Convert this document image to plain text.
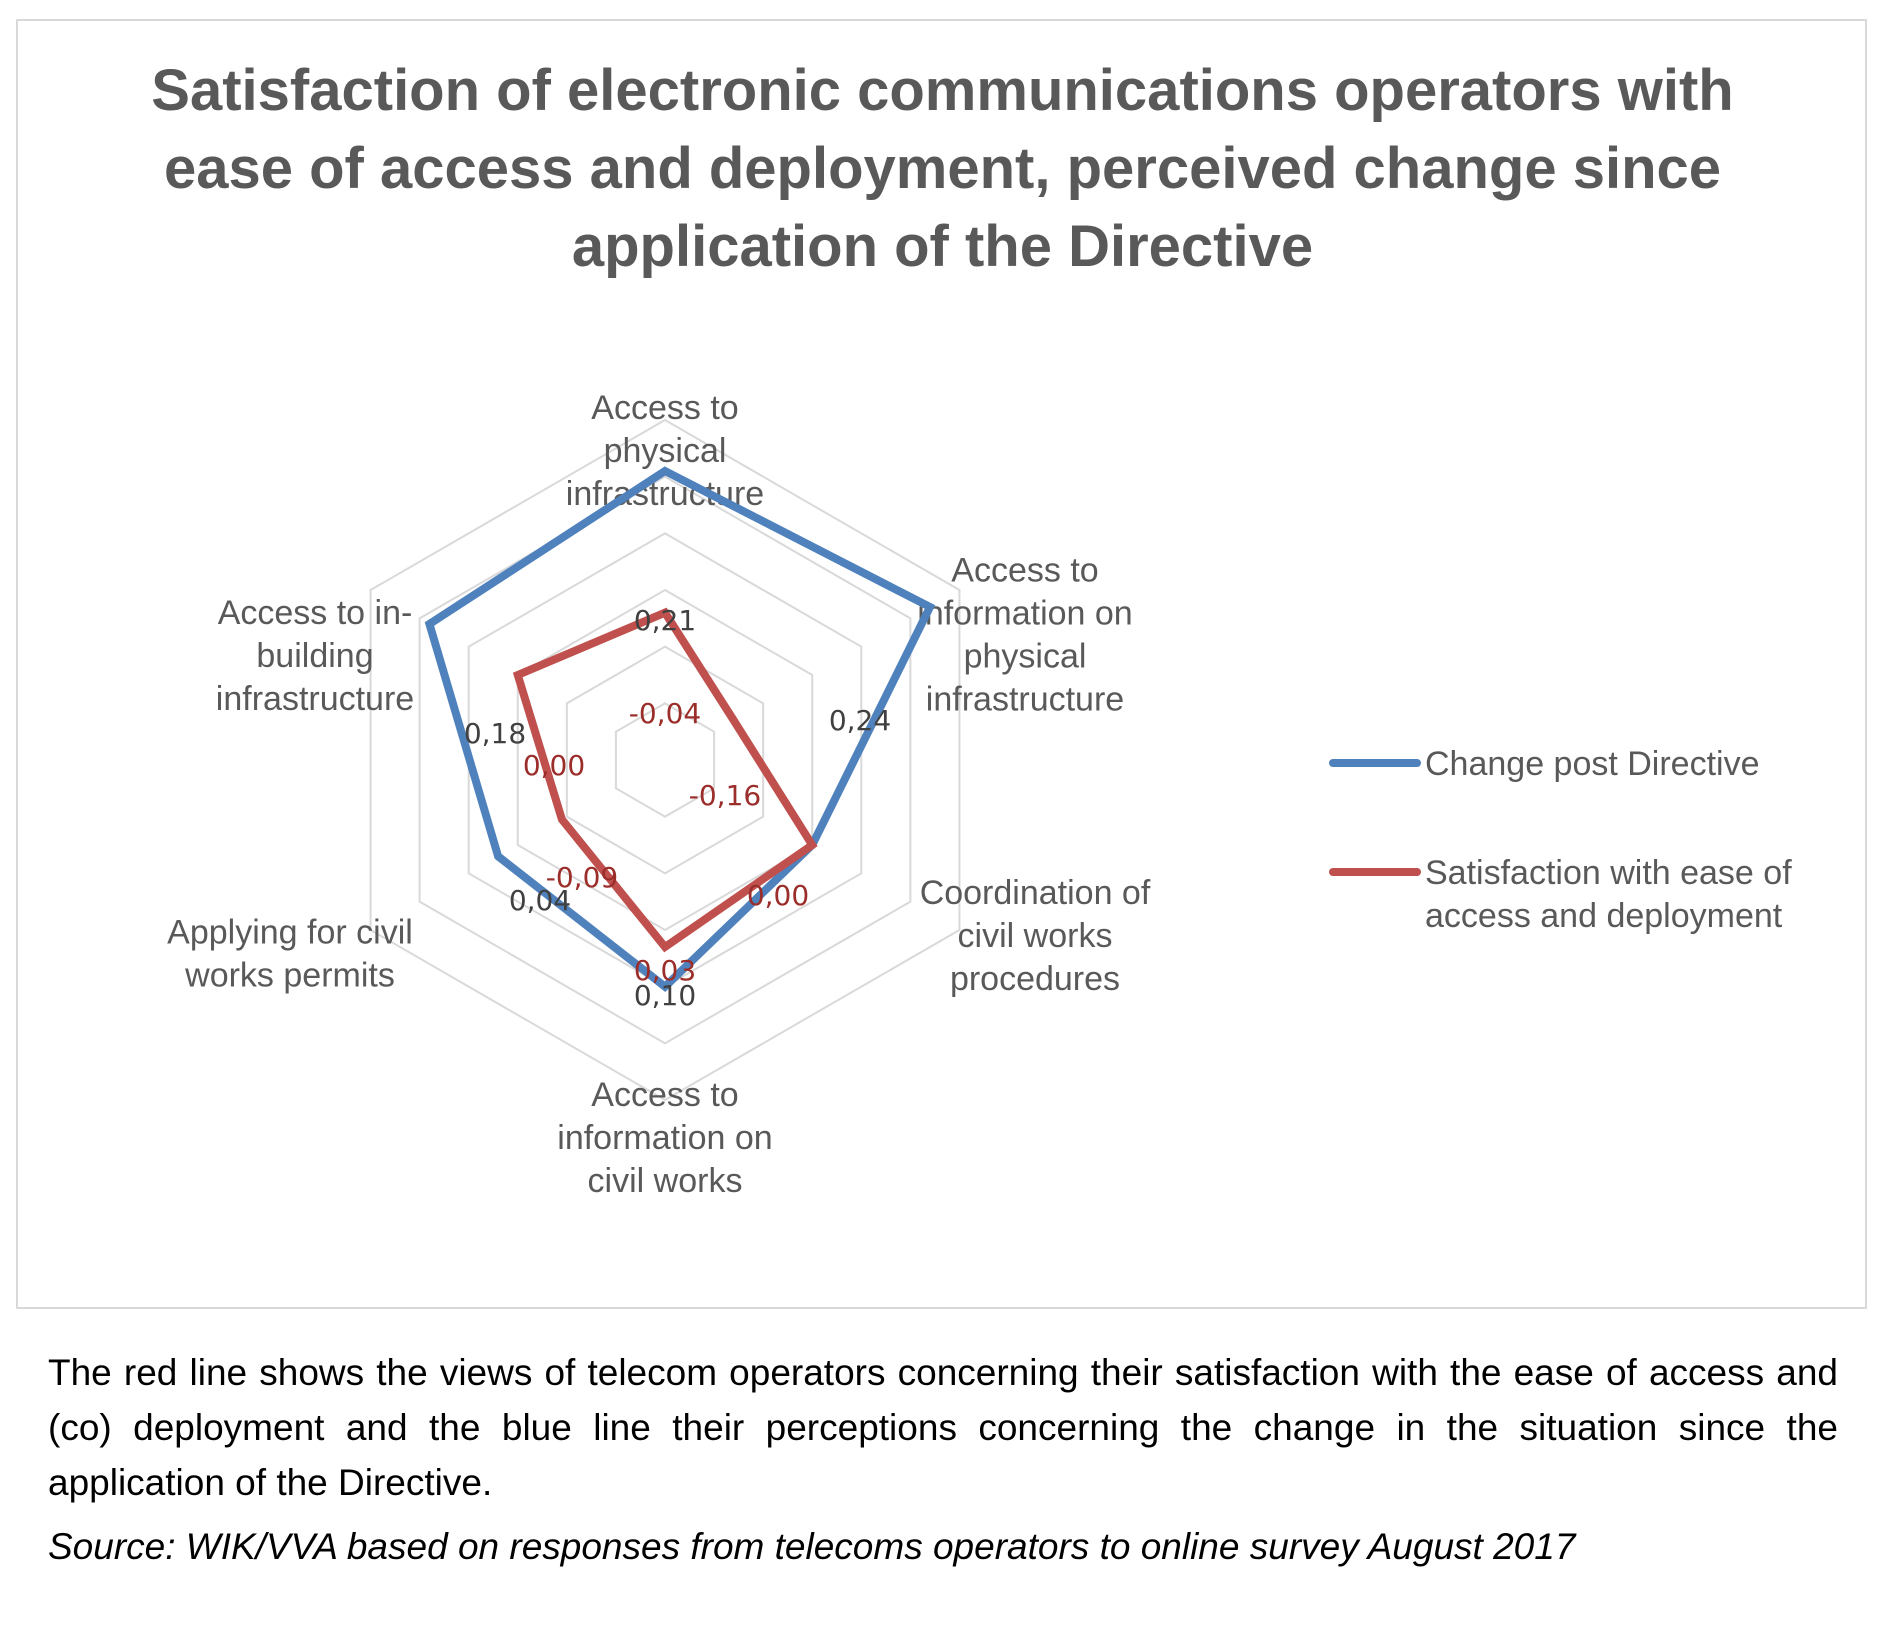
Satisfaction of electronic communications operators with ease of access and deployment, perceived change since application of the Directive
Access to physical infrastructure
Access to information on physical infrastructure
Coordination of civil works procedures
Access to information on civil works
Applying for civil works permits
Access to in-building infrastructure
0,21
0,24
0,10
0,04
0,18
-0,04
-0,16
0,00
0,03
-0,09
0,00	Change post Directive
Satisfaction with ease of access and deployment

The red line shows the views of telecom operators concerning their satisfaction with the ease of access and (co) deployment and the blue line their perceptions concerning the change in the situation since the application of the Directive.

Source: WIK/VVA based on responses from telecoms operators to online survey August 2017
